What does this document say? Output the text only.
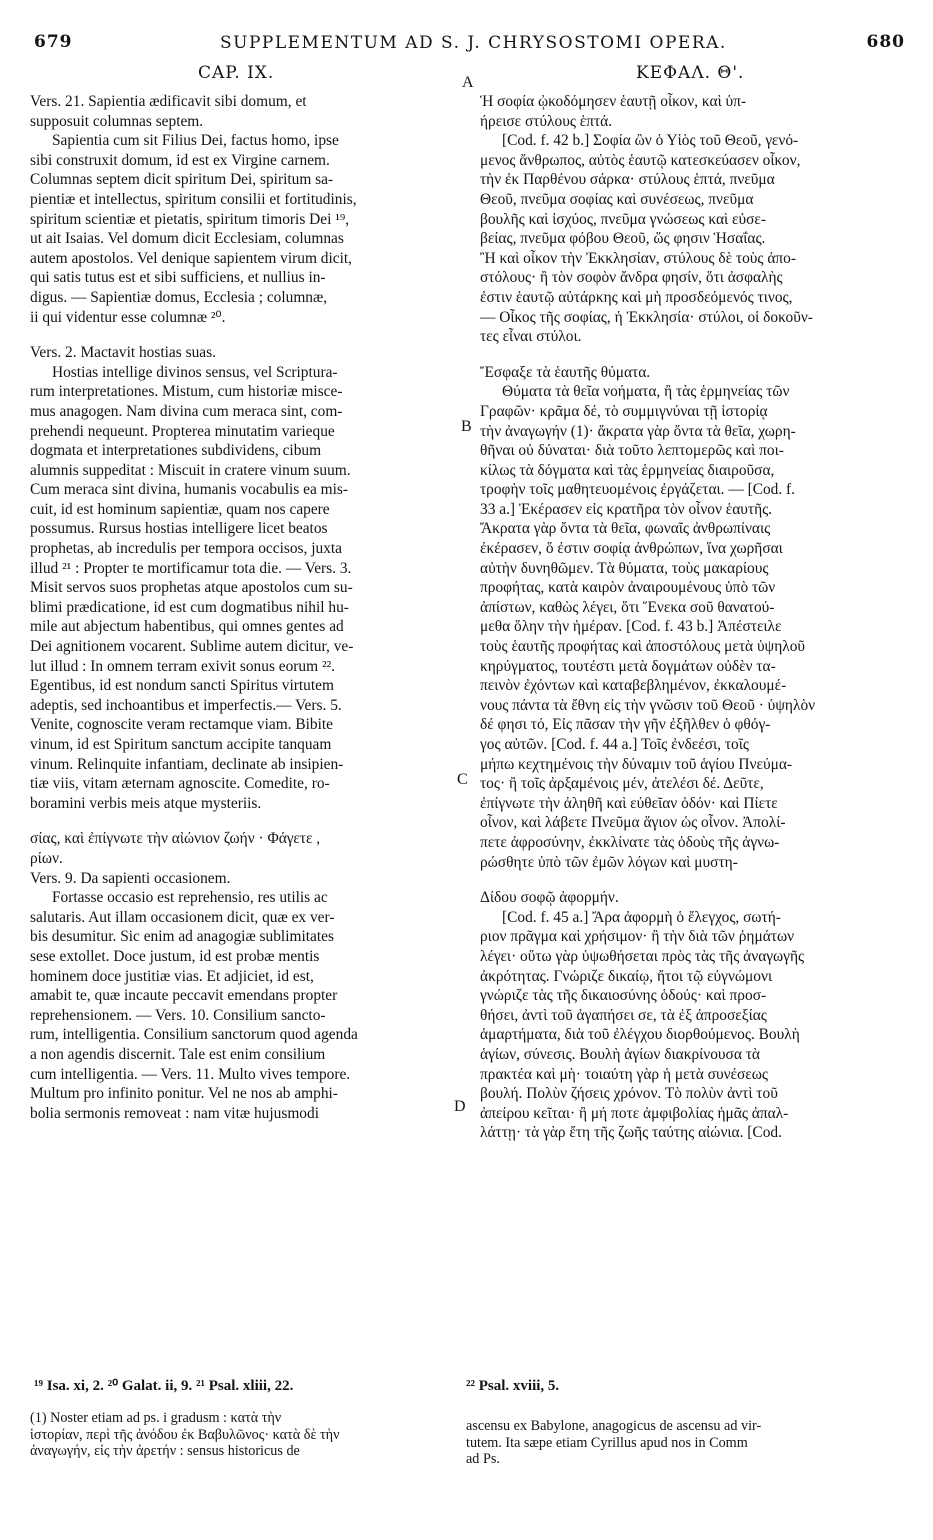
679	SUPPLEMENTUM AD S. J. CHRYSOSTOMI OPERA.	680
CAP. IX.	ΚΕΦΑΛ. Θ'.
A
B
C
D

Vers. 21. Sapientia ædificavit sibi domum, et
supposuit columnas septem.

Sapientia cum sit Filius Dei, factus homo, ipse
sibi construxit domum, id est ex Virgine carnem.
Columnas septem dicit spiritum Dei, spiritum sa-
pientiæ et intellectus, spiritum consilii et fortitudinis,
spiritum scientiæ et pietatis, spiritum timoris Dei ¹⁹,
ut ait Isaias. Vel domum dicit Ecclesiam, columnas
autem apostolos. Vel denique sapientem virum dicit,
qui satis tutus est et sibi sufficiens, et nullius in-
digus. — Sapientiæ domus, Ecclesia ; columnæ,
ii qui videntur esse columnæ ²⁰.

Vers. 2. Mactavit hostias suas.

Hostias intellige divinos sensus, vel Scriptura-
rum interpretationes. Mistum, cum historiæ misce-
mus anagogen. Nam divina cum meraca sint, com-
prehendi nequeunt. Propterea minutatim varieque
dogmata et interpretationes subdividens, cibum
alumnis suppeditat : Miscuit in cratere vinum suum.
Cum meraca sint divina, humanis vocabulis ea mis-
cuit, id est hominum sapientiæ, quam nos capere
possumus. Rursus hostias intelligere licet beatos
prophetas, ab incredulis per tempora occisos, juxta
illud ²¹ : Propter te mortificamur tota die. — Vers. 3.
Misit servos suos prophetas atque apostolos cum su-
blimi prædicatione, id est cum dogmatibus nihil hu-
mile aut abjectum habentibus, qui omnes gentes ad
Dei agnitionem vocarent. Sublime autem dicitur, ve-
lut illud : In omnem terram exivit sonus eorum ²².
Egentibus, id est nondum sancti Spiritus virtutem
adeptis, sed inchoantibus et imperfectis.— Vers. 5.
Venite, cognoscite veram rectamque viam. Bibite
vinum, id est Spiritum sanctum accipite tanquam
vinum. Relinquite infantiam, declinate ab insipien-
tiæ viis, vitam æternam agnoscite. Comedite, ro-
boramini verbis meis atque mysteriis.

σίας, καὶ ἐπίγνωτε τὴν αἰώνιον ζωήν · Φάγετε ,
ρίων.

Vers. 9. Da sapienti occasionem.

Fortasse occasio est reprehensio, res utilis ac
salutaris. Aut illam occasionem dicit, quæ ex ver-
bis desumitur. Sic enim ad anagogiæ sublimitates
sese extollet. Doce justum, id est probæ mentis
hominem doce justitiæ vias. Et adjiciet, id est,
amabit te, quæ incaute peccavit emendans propter
reprehensionem. — Vers. 10. Consilium sancto-
rum, intelligentia. Consilium sanctorum quod agenda
a non agendis discernit. Tale est enim consilium
cum intelligentia. — Vers. 11. Multo vives tempore.
Multum pro infinito ponitur. Vel ne nos ab amphi-
bolia sermonis removeat : nam vitæ hujusmodi

Ἡ σοφία ᾠκοδόμησεν ἑαυτῇ οἶκον, καὶ ὑπ-
ήρεισε στύλους ἑπτά.

[Cod. f. 42 b.] Σοφία ὢν ὁ Υἱὸς τοῦ Θεοῦ, γενό-
μενος ἄνθρωπος, αὐτὸς ἑαυτῷ κατεσκεύασεν οἶκον,
τὴν ἐκ Παρθένου σάρκα· στύλους ἑπτά, πνεῦμα
Θεοῦ, πνεῦμα σοφίας καὶ συνέσεως, πνεῦμα
βουλῆς καὶ ἰσχύος, πνεῦμα γνώσεως καὶ εὐσε-
βείας, πνεῦμα φόβου Θεοῦ, ὥς φησιν Ἡσαΐας.
Ἢ καὶ οἶκον τὴν Ἐκκλησίαν, στύλους δὲ τοὺς ἀπο-
στόλους· ἢ τὸν σοφὸν ἄνδρα φησίν, ὅτι ἀσφαλὴς
ἐστιν ἑαυτῷ αὐτάρκης καὶ μὴ προσδεόμενός τινος,
— Οἶκος τῆς σοφίας, ἡ Ἐκκλησία· στύλοι, οἱ δοκοῦν-
τες εἶναι στύλοι.

Ἔσφαξε τὰ ἑαυτῆς θύματα.

Θύματα τὰ θεῖα νοήματα, ἢ τὰς ἑρμηνείας τῶν
Γραφῶν· κρᾶμα δέ, τὸ συμμιγνύναι τῇ ἱστορίᾳ
τὴν ἀναγωγήν (1)· ἄκρατα γὰρ ὄντα τὰ θεῖα, χωρη-
θῆναι οὐ δύναται· διὰ τοῦτο λεπτομερῶς καὶ ποι-
κίλως τὰ δόγματα καὶ τὰς ἑρμηνείας διαιροῦσα,
τροφὴν τοῖς μαθητευομένοις ἐργάζεται. — [Cod. f.
33 a.] Ἐκέρασεν εἰς κρατῆρα τὸν οἶνον ἑαυτῆς.
Ἄκρατα γὰρ ὄντα τὰ θεῖα, φωναῖς ἀνθρωπίναις
ἐκέρασεν, ὅ ἐστιν σοφίᾳ ἀνθρώπων, ἵνα χωρῆσαι
αὐτὴν δυνηθῶμεν. Τὰ θύματα, τοὺς μακαρίους
προφήτας, κατὰ καιρὸν ἀναιρουμένους ὑπὸ τῶν
ἀπίστων, καθὼς λέγει, ὅτι Ἕνεκα σοῦ θανατού-
μεθα ὅλην τὴν ἡμέραν. [Cod. f. 43 b.] Ἀπέστειλε
τοὺς ἑαυτῆς προφήτας καὶ ἀποστόλους μετὰ ὑψηλοῦ
κηρύγματος, τουτέστι μετὰ δογμάτων οὐδὲν τα-
πεινὸν ἐχόντων καὶ καταβεβλημένον, ἐκκαλουμέ-
νους πάντα τὰ ἔθνη εἰς τὴν γνῶσιν τοῦ Θεοῦ · ὑψηλὸν
δέ φησι τό, Εἰς πᾶσαν τὴν γῆν ἐξῆλθεν ὁ φθόγ-
γος αὐτῶν. [Cod. f. 44 a.] Τοῖς ἐνδεέσι, τοῖς
μήπω κεχτημένοις τὴν δύναμιν τοῦ ἁγίου Πνεύμα-
τος· ἢ τοῖς ἀρξαμένοις μέν, ἀτελέσι δέ. Δεῦτε,
ἐπίγνωτε τὴν ἀληθῆ καὶ εὐθεῖαν ὁδόν· καὶ Πίετε
οἶνον, καὶ λάβετε Πνεῦμα ἅγιον ὡς οἶνον. Ἀπολί-
πετε ἀφροσύνην, ἐκκλίνατε τὰς ὁδοὺς τῆς ἀγνω-
ρώσθητε ὑπὸ τῶν ἐμῶν λόγων καὶ μυστη-

Δίδου σοφῷ ἀφορμήν.

[Cod. f. 45 a.] Ἄρα ἀφορμὴ ὁ ἔλεγχος, σωτή-
ριον πρᾶγμα καὶ χρήσιμον· ἢ τὴν διὰ τῶν ῥημάτων
λέγει· οὕτω γὰρ ὑψωθήσεται πρὸς τὰς τῆς ἀναγωγῆς
ἀκρότητας. Γνώριζε δικαίῳ, ἤτοι τῷ εὐγνώμονι
γνώριζε τὰς τῆς δικαιοσύνης ὁδούς· καὶ προσ-
θήσει, ἀντὶ τοῦ ἀγαπήσει σε, τὰ ἐξ ἀπροσεξίας
ἁμαρτήματα, διὰ τοῦ ἐλέγχου διορθούμενος. Βουλὴ
ἁγίων, σύνεσις. Βουλὴ ἁγίων διακρίνουσα τὰ
πρακτέα καὶ μὴ· τοιαύτη γὰρ ἡ μετὰ συνέσεως
βουλή. Πολὺν ζήσεις χρόνον. Τὸ πολὺν ἀντὶ τοῦ
ἀπείρου κεῖται· ἢ μή ποτε ἀμφιβολίας ἡμᾶς ἀπαλ-
λάττῃ· τὰ γὰρ ἔτη τῆς ζωῆς ταύτης αἰώνια. [Cod.

¹⁹ Isa. xi, 2. ²⁰ Galat. ii, 9. ²¹ Psal. xliii, 22.	²² Psal. xviii, 5.
(1) Noster etiam ad ps. i gradusm : κατὰ τὴν
ἱστορίαν, περὶ τῆς ἀνόδου ἐκ Βαβυλῶνος· κατὰ δὲ τὴν
ἀναγωγήν, εἰς τὴν ἀρετήν : sensus historicus de
ascensu ex Babylone, anagogicus de ascensu ad vir-
tutem. Ita sæpe etiam Cyrillus apud nos in Comm
ad Ps.
